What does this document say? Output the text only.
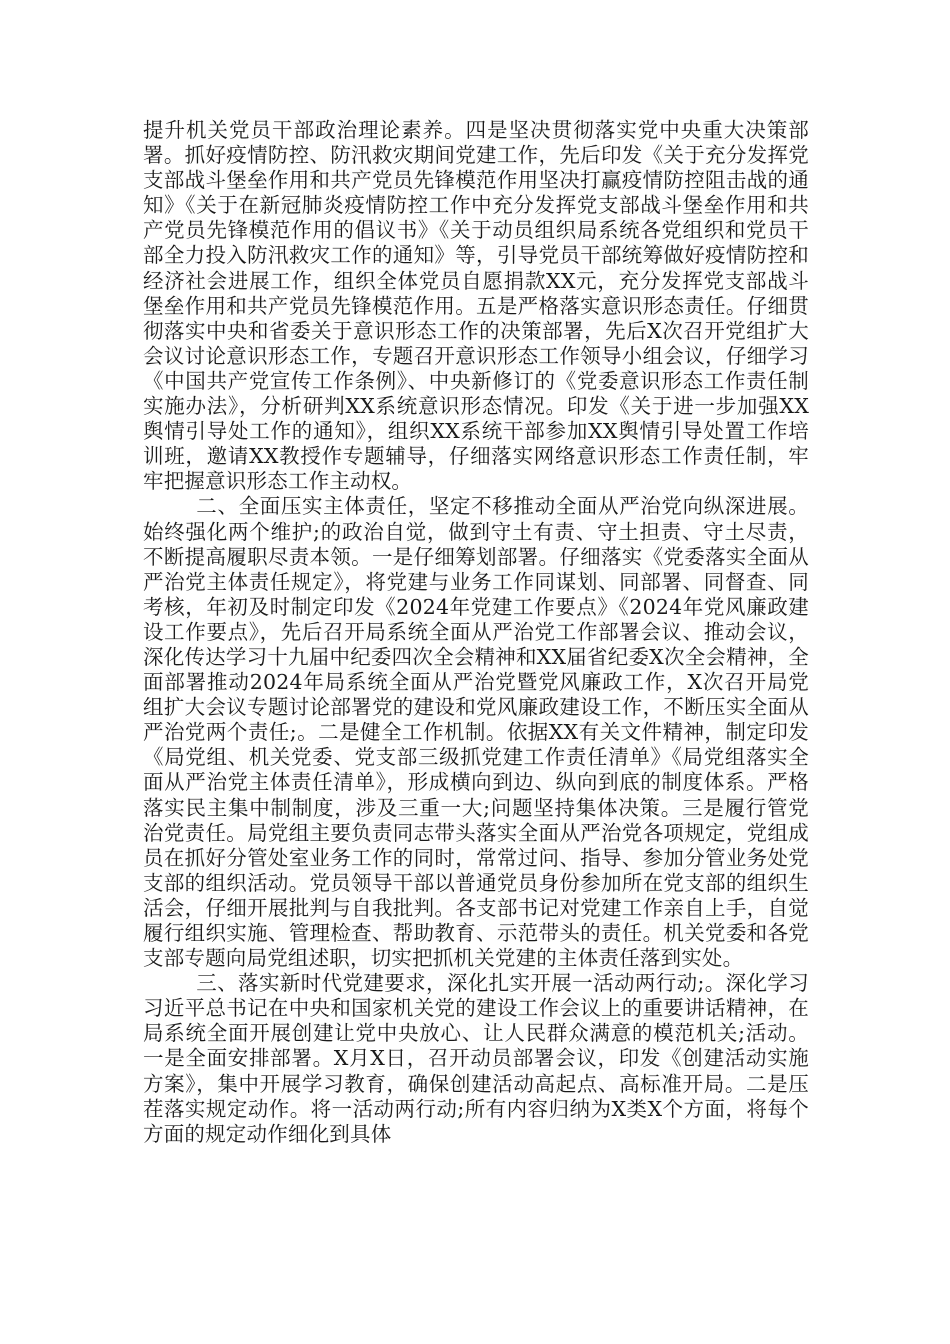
提升机关党员干部政治理论素养。四是坚决贯彻落实党中央重大决策部署。抓好疫情防控、防汛救灾期间党建工作，先后印发《关于充分发挥党支部战斗堡垒作用和共产党员先锋模范作用坚决打赢疫情防控阻击战的通知》《关于在新冠肺炎疫情防控工作中充分发挥党支部战斗堡垒作用和共产党员先锋模范作用的倡议书》《关于动员组织局系统各党组织和党员干部全力投入防汛救灾工作的通知》等，引导党员干部统筹做好疫情防控和经济社会进展工作，组织全体党员自愿捐款XX元，充分发挥党支部战斗堡垒作用和共产党员先锋模范作用。五是严格落实意识形态责任。仔细贯彻落实中央和省委关于意识形态工作的决策部署，先后X次召开党组扩大会议讨论意识形态工作，专题召开意识形态工作领导小组会议，仔细学习《中国共产党宣传工作条例》、中央新修订的《党委意识形态工作责任制实施办法》，分析研判XX系统意识形态情况。印发《关于进一步加强XX舆情引导处工作的通知》，组织XX系统干部参加XX舆情引导处置工作培训班，邀请XX教授作专题辅导，仔细落实网络意识形态工作责任制，牢牢把握意识形态工作主动权。

二、全面压实主体责任，坚定不移推动全面从严治党向纵深进展。始终强化两个维护;的政治自觉，做到守土有责、守土担责、守土尽责，不断提高履职尽责本领。一是仔细筹划部署。仔细落实《党委落实全面从严治党主体责任规定》，将党建与业务工作同谋划、同部署、同督查、同考核，年初及时制定印发《2024年党建工作要点》《2024年党风廉政建设工作要点》，先后召开局系统全面从严治党工作部署会议、推动会议，深化传达学习十九届中纪委四次全会精神和XX届省纪委X次全会精神，全面部署推动2024年局系统全面从严治党暨党风廉政工作，X次召开局党组扩大会议专题讨论部署党的建设和党风廉政建设工作，不断压实全面从严治党两个责任;。二是健全工作机制。依据XX有关文件精神，制定印发《局党组、机关党委、党支部三级抓党建工作责任清单》《局党组落实全面从严治党主体责任清单》，形成横向到边、纵向到底的制度体系。严格落实民主集中制制度，涉及三重一大;问题坚持集体决策。三是履行管党治党责任。局党组主要负责同志带头落实全面从严治党各项规定，党组成员在抓好分管处室业务工作的同时，常常过问、指导、参加分管业务处党支部的组织活动。党员领导干部以普通党员身份参加所在党支部的组织生活会，仔细开展批判与自我批判。各支部书记对党建工作亲自上手，自觉履行组织实施、管理检查、帮助教育、示范带头的责任。机关党委和各党支部专题向局党组述职，切实把抓机关党建的主体责任落到实处。

三、落实新时代党建要求，深化扎实开展一活动两行动;。深化学习习近平总书记在中央和国家机关党的建设工作会议上的重要讲话精神，在局系统全面开展创建让党中央放心、让人民群众满意的模范机关;活动。一是全面安排部署。X月X日，召开动员部署会议，印发《创建活动实施方案》，集中开展学习教育，确保创建活动高起点、高标准开局。二是压茬落实规定动作。将一活动两行动;所有内容归纳为X类X个方面，将每个方面的规定动作细化到具体
